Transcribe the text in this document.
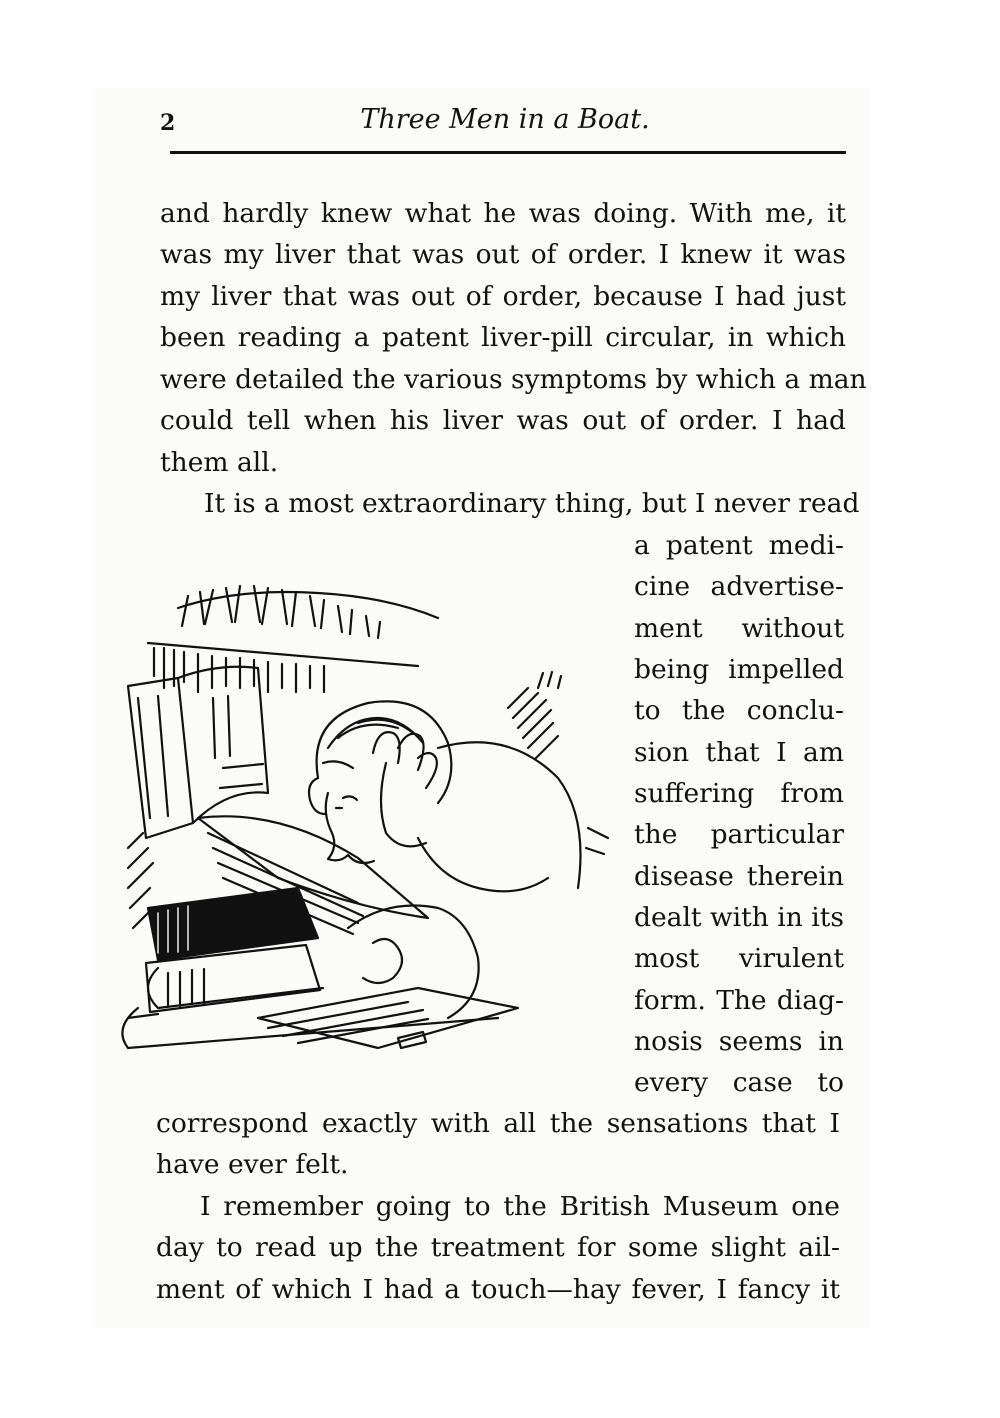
2	Three Men in a Boat.
and hardly knew what he was doing. With me, it
was my liver that was out of order. I knew it was
my liver that was out of order, because I had just
been reading a patent liver-pill circular, in which
were detailed the various symptoms by which a man
could tell when his liver was out of order. I had
them all.
It is a most extraordinary thing, but I never read
a patent medi-
cine advertise-
ment without
being impelled
to the conclu-
sion that I am
suffering from
the particular
disease therein
dealt with in its
most virulent
form. The diag-
nosis seems in
every case to
correspond exactly with all the sensations that I
have ever felt.
I remember going to the British Museum one
day to read up the treatment for some slight ail-
ment of which I had a touch—hay fever, I fancy it
